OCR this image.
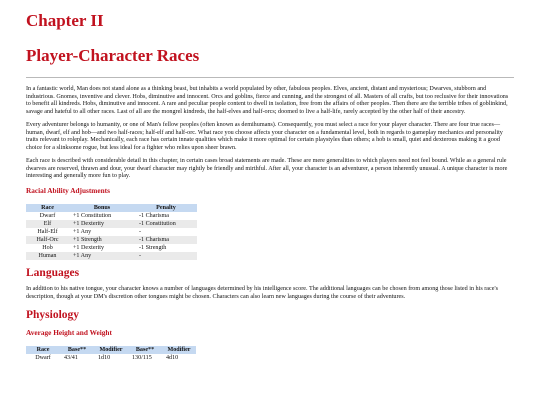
Chapter II
Player-Character Races

In a fantastic world, Man does not stand alone as a thinking beast, but inhabits a world populated by other, fabulous peoples. Elves, ancient, distant and mysterious; Dwarves, stubborn and industrious. Gnomes, inventive and clever. Hobs, diminutive and innocent. Orcs and goblins, fierce and cunning, and the strongest of all. Masters of all crafts, but too reclusive for their innovations to benefit all kindreds. Hobs, diminutive and innocent. A rare and peculiar people content to dwell in isolation, free from the affairs of other peoples. Then there are the terrible tribes of goblinkind, savage and hateful to all other races. Last of all are the mongrel kindreds, the half-elves and half-orcs; doomed to live a half-life, rarely accepted by the other half of their ancestry.

Every adventurer belongs to humanity, or one of Man's fellow peoples (often known as demihumans). Consequently, you must select a race for your player character. There are four true races—human, dwarf, elf and hob—and two half-races; half-elf and half-orc. What race you choose affects your character on a fundamental level, both in regards to gameplay mechanics and personality traits relevant to roleplay. Mechanically, each race has certain innate qualities which make it more optimal for certain playstyles than others; a hob is small, quiet and dexterous making it a good choice for a slinksome rogue, but less ideal for a fighter who relies upon sheer brawn.

Each race is described with considerable detail in this chapter, in certain cases broad statements are made. These are mere generalities to which players need not feel bound. While as a general rule dwarves are reserved, thrawn and dour, your dwarf character may rightly be friendly and mirthful. After all, your character is an adventurer, a person inherently unusual. A unique character is more interesting and generally more fun to play.

Racial Ability Adjustments
Race	Bonus	Penalty
Dwarf	+1 Constitution	-1 Charisma
Elf	+1 Dexterity	-1 Constitution
Half-Elf	+1 Any	-
Half-Orc	+1 Strength	-1 Charisma
Hob	+1 Dexterity	-1 Strength
Human	+1 Any	-
Languages

In addition to his native tongue, your character knows a number of languages determined by his intelligence score. The additional languages can be chosen from among those listed in his race's description, though at your DM's discretion other tongues might be chosen. Characters can also learn new languages during the course of their adventures.

Physiology
Average Height and Weight
Race	Base**	Modifier	Base**	Modifier
Dwarf	43/41	1d10	130/115	4d10
